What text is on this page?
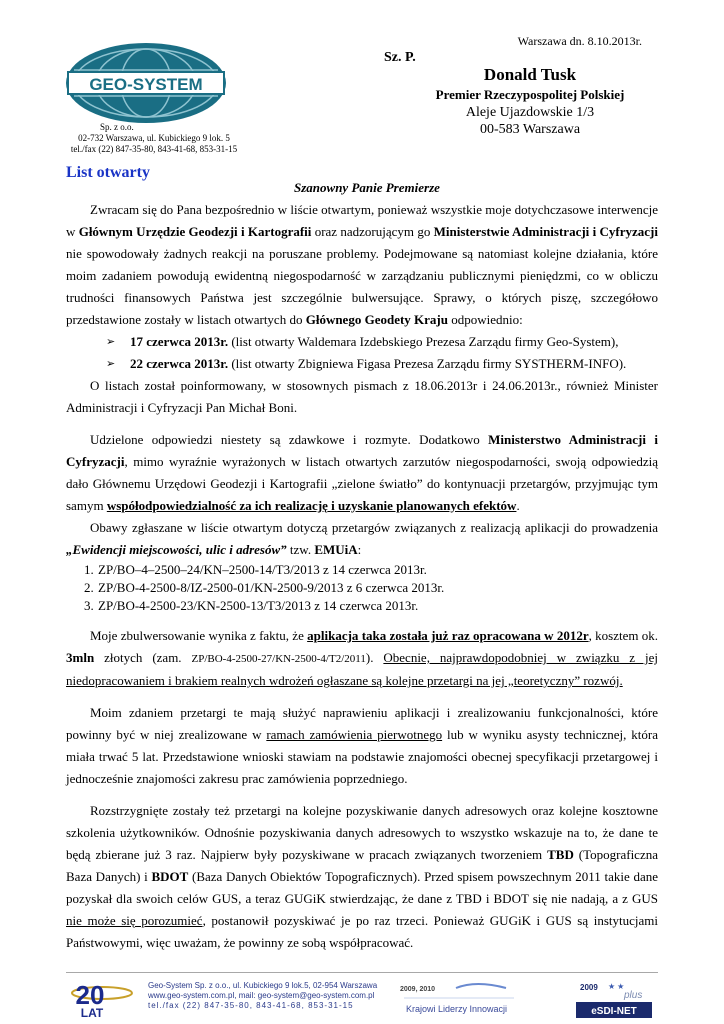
Warszawa dn. 8.10.2013r.
GEO-SYSTEM
Sp. z o.o.
02-732 Warszawa, ul. Kubickiego 9 lok. 5
tel./fax (22) 847-35-80, 843-41-68, 853-31-15
Sz. P.
Donald Tusk
Premier Rzeczypospolitej Polskiej
Aleje Ujazdowskie 1/3
00-583 Warszawa
List otwarty
Szanowny Panie Premierze

Zwracam się do Pana bezpośrednio w liście otwartym, ponieważ wszystkie moje dotychczasowe interwencje w Głównym Urzędzie Geodezji i Kartografii oraz nadzorującym go Ministerstwie Administracji i Cyfryzacji nie spowodowały żadnych reakcji na poruszane problemy. Podejmowane są natomiast kolejne działania, które moim zadaniem powodują ewidentną niegospodarność w zarządzaniu publicznymi pieniędzmi, co w obliczu trudności finansowych Państwa jest szczególnie bulwersujące. Sprawy, o których piszę, szczegółowo przedstawione zostały w listach otwartych do Głównego Geodety Kraju odpowiednio:

➢ 17 czerwca 2013r. (list otwarty Waldemara Izdebskiego Prezesa Zarządu firmy Geo-System),

➢ 22 czerwca 2013r. (list otwarty Zbigniewa Figasa Prezesa Zarządu firmy SYSTHERM-INFO).

O listach został poinformowany, w stosownych pismach z 18.06.2013r i 24.06.2013r., również Minister Administracji i Cyfryzacji Pan Michał Boni.

Udzielone odpowiedzi niestety są zdawkowe i rozmyte. Dodatkowo Ministerstwo Administracji i Cyfryzacji, mimo wyraźnie wyrażonych w listach otwartych zarzutów niegospodarności, swoją odpowiedzią dało Głównemu Urzędowi Geodezji i Kartografii „zielone światło” do kontynuacji przetargów, przyjmując tym samym współodpowiedzialność za ich realizację i uzyskanie planowanych efektów.

Obawy zgłaszane w liście otwartym dotyczą przetargów związanych z realizacją aplikacji do prowadzenia „Ewidencji miejscowości, ulic i adresów” tzw. EMUiA:

1. ZP/BO–4–2500–24/KN–2500-14/T3/2013 z 14 czerwca 2013r.

2. ZP/BO-4-2500-8/IZ-2500-01/KN-2500-9/2013 z 6 czerwca 2013r.

3. ZP/BO-4-2500-23/KN-2500-13/T3/2013 z 14 czerwca 2013r.

Moje zbulwersowanie wynika z faktu, że aplikacja taka została już raz opracowana w 2012r, kosztem ok. 3mln złotych (zam. ZP/BO-4-2500-27/KN-2500-4/T2/2011). Obecnie, najprawdopodobniej w związku z jej niedopracowaniem i brakiem realnych wdrożeń ogłaszane są kolejne przetargi na jej „teoretyczny” rozwój.

Moim zdaniem przetargi te mają służyć naprawieniu aplikacji i zrealizowaniu funkcjonalności, które powinny być w niej zrealizowane w ramach zamówienia pierwotnego lub w wyniku asysty technicznej, która miała trwać 5 lat. Przedstawione wnioski stawiam na podstawie znajomości obecnej specyfikacji przetargowej i jednocześnie znajomości zakresu prac zamówienia poprzedniego.

Rozstrzygnięte zostały też przetargi na kolejne pozyskiwanie danych adresowych oraz kolejne kosztowne szkolenia użytkowników. Odnośnie pozyskiwania danych adresowych to wszystko wskazuje na to, że dane te będą zbierane już 3 raz. Najpierw były pozyskiwane w pracach związanych tworzeniem TBD (Topograficzna Baza Danych) i BDOT (Baza Danych Obiektów Topograficznych). Przed spisem powszechnym 2011 takie dane pozyskał dla swoich celów GUS, a teraz GUGiK stwierdzając, że dane z TBD i BDOT się nie nadają, a z GUS nie może się porozumieć, postanowił pozyskiwać je po raz trzeci. Ponieważ GUGiK i GUS są instytucjami Państwowymi, więc uważam, że powinny ze sobą współpracować.

20
LAT
Geo-System Sp. z o.o., ul. Kubickiego 9 lok.5, 02-954 Warszawa
www.geo-system.com.pl, mail: geo-system@geo-system.com.pl
tel./fax (22) 847-35-80, 843-41-68, 853-31-15
2009, 2010
Krajowi Liderzy Innowacji
2009
plus
★ ★
eSDI-NET
